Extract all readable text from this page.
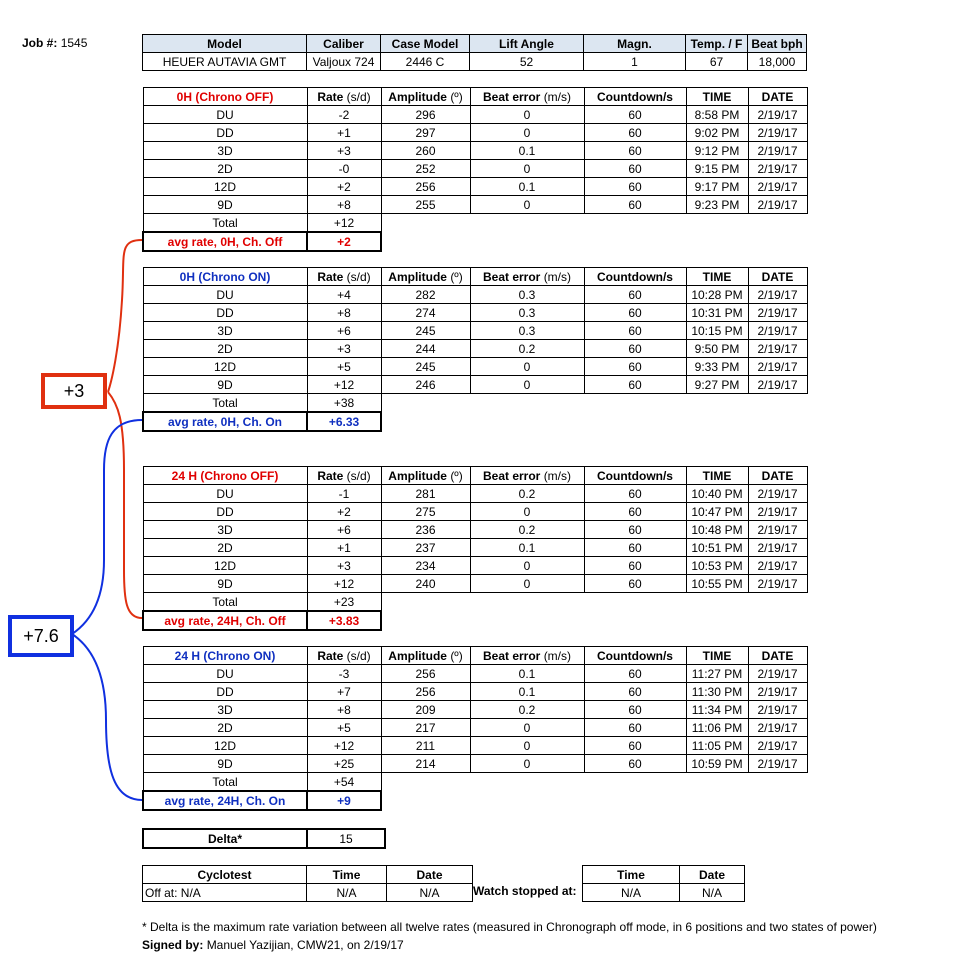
Job #: 1545	Model	Caliber	Case Model	Lift Angle	Magn.	Temp. / F	Beat bph
HEUER AUTAVIA GMT	Valjoux 724	2446 C	52	1	67	18,000
0H (Chrono OFF)	Rate (s/d)	Amplitude (º)	Beat error (m/s)	Countdown/s	TIME	DATE
DU	-2	296	0	60	8:58 PM	2/19/17
DD	+1	297	0	60	9:02 PM	2/19/17
3D	+3	260	0.1	60	9:12 PM	2/19/17
2D	-0	252	0	60	9:15 PM	2/19/17
12D	+2	256	0.1	60	9:17 PM	2/19/17
9D	+8	255	0	60	9:23 PM	2/19/17
Total	+12					
avg rate, 0H, Ch. Off	+2					
0H (Chrono ON)	Rate (s/d)	Amplitude (º)	Beat error (m/s)	Countdown/s	TIME	DATE
DU	+4	282	0.3	60	10:28 PM	2/19/17
DD	+8	274	0.3	60	10:31 PM	2/19/17
3D	+6	245	0.3	60	10:15 PM	2/19/17
2D	+3	244	0.2	60	9:50 PM	2/19/17
12D	+5	245	0	60	9:33 PM	2/19/17
9D	+12	246	0	60	9:27 PM	2/19/17
Total	+38					
avg rate, 0H, Ch. On	+6.33					
24 H (Chrono OFF)	Rate (s/d)	Amplitude (º)	Beat error (m/s)	Countdown/s	TIME	DATE
DU	-1	281	0.2	60	10:40 PM	2/19/17
DD	+2	275	0	60	10:47 PM	2/19/17
3D	+6	236	0.2	60	10:48 PM	2/19/17
2D	+1	237	0.1	60	10:51 PM	2/19/17
12D	+3	234	0	60	10:53 PM	2/19/17
9D	+12	240	0	60	10:55 PM	2/19/17
Total	+23					
avg rate, 24H, Ch. Off	+3.83					
24 H (Chrono ON)	Rate (s/d)	Amplitude (º)	Beat error (m/s)	Countdown/s	TIME	DATE
DU	-3	256	0.1	60	11:27 PM	2/19/17
DD	+7	256	0.1	60	11:30 PM	2/19/17
3D	+8	209	0.2	60	11:34 PM	2/19/17
2D	+5	217	0	60	11:06 PM	2/19/17
12D	+12	211	0	60	11:05 PM	2/19/17
9D	+25	214	0	60	10:59 PM	2/19/17
Total	+54					
avg rate, 24H, Ch. On	+9					
+3
+7.6
Delta*	15
Cyclotest	Time	Date
Off at: N/A	N/A	N/A	Watch stopped at:
Time	Date
N/A	N/A
* Delta is the maximum rate variation between all twelve rates (measured in Chronograph off mode, in 6 positions and two states of power)
Signed by: Manuel Yazijian, CMW21, on 2/19/17
